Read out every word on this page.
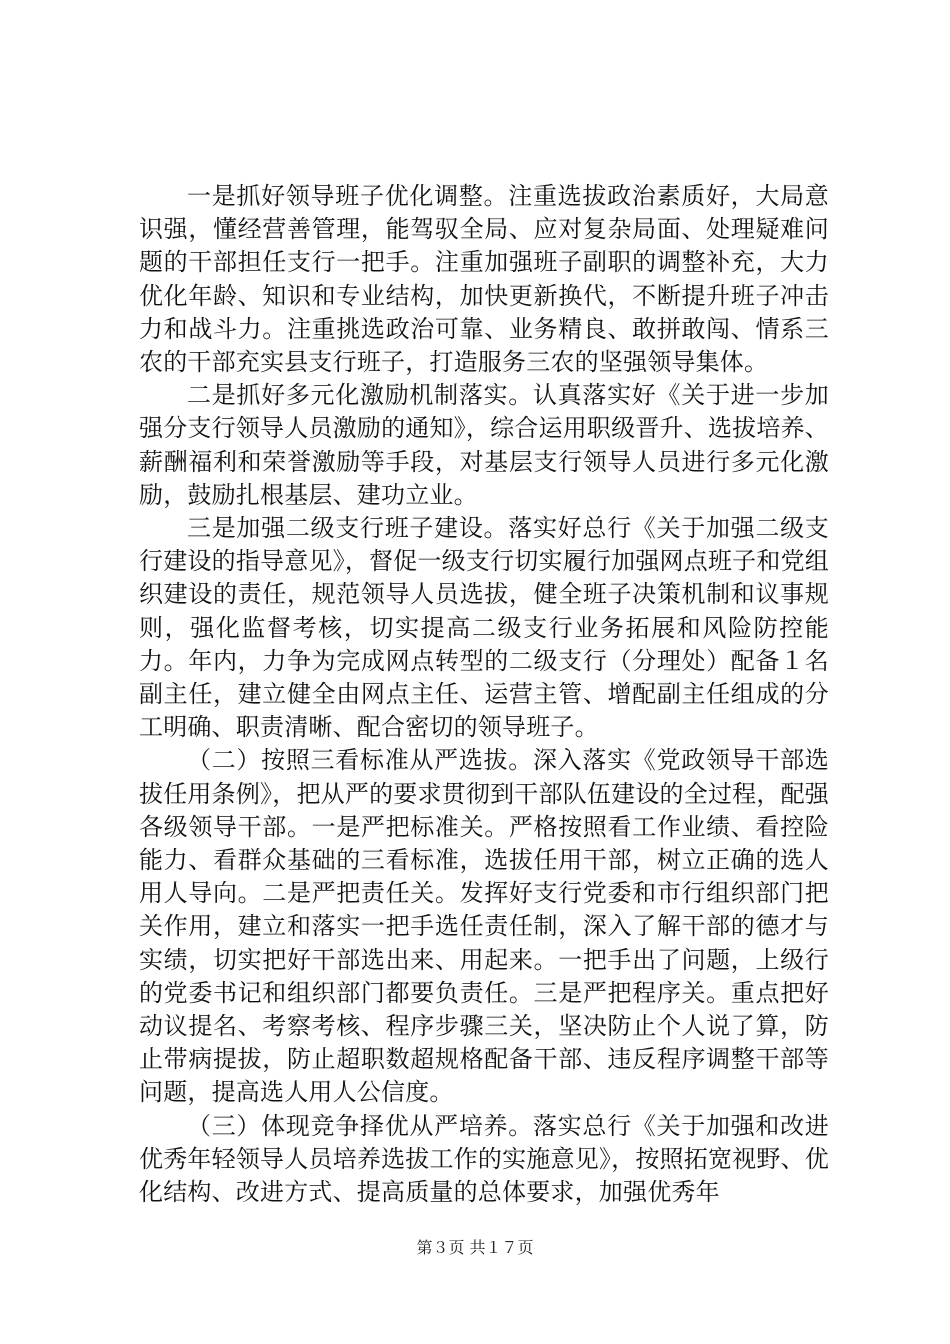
一是抓好领导班子优化调整。注重选拔政治素质好，大局意识强，懂经营善管理，能驾驭全局、应对复杂局面、处理疑难问题的干部担任支行一把手。注重加强班子副职的调整补充，大力优化年龄、知识和专业结构，加快更新换代，不断提升班子冲击力和战斗力。注重挑选政治可靠、业务精良、敢拼敢闯、情系三农的干部充实县支行班子，打造服务三农的坚强领导集体。

二是抓好多元化激励机制落实。认真落实好《关于进一步加强分支行领导人员激励的通知》，综合运用职级晋升、选拔培养、薪酬福利和荣誉激励等手段，对基层支行领导人员进行多元化激励，鼓励扎根基层、建功立业。

三是加强二级支行班子建设。落实好总行《关于加强二级支行建设的指导意见》，督促一级支行切实履行加强网点班子和党组织建设的责任，规范领导人员选拔，健全班子决策机制和议事规则，强化监督考核，切实提高二级支行业务拓展和风险防控能力。年内，力争为完成网点转型的二级支行（分理处）配备１名副主任，建立健全由网点主任、运营主管、增配副主任组成的分工明确、职责清晰、配合密切的领导班子。

（二）按照三看标准从严选拔。深入落实《党政领导干部选拔任用条例》，把从严的要求贯彻到干部队伍建设的全过程，配强各级领导干部。一是严把标准关。严格按照看工作业绩、看控险能力、看群众基础的三看标准，选拔任用干部，树立正确的选人用人导向。二是严把责任关。发挥好支行党委和市行组织部门把关作用，建立和落实一把手选任责任制，深入了解干部的德才与实绩，切实把好干部选出来、用起来。一把手出了问题，上级行的党委书记和组织部门都要负责任。三是严把程序关。重点把好动议提名、考察考核、程序步骤三关，坚决防止个人说了算，防止带病提拔，防止超职数超规格配备干部、违反程序调整干部等问题，提高选人用人公信度。

（三）体现竞争择优从严培养。落实总行《关于加强和改进优秀年轻领导人员培养选拔工作的实施意见》，按照拓宽视野、优化结构、改进方式、提高质量的总体要求，加强优秀年

第３页 共１７页
